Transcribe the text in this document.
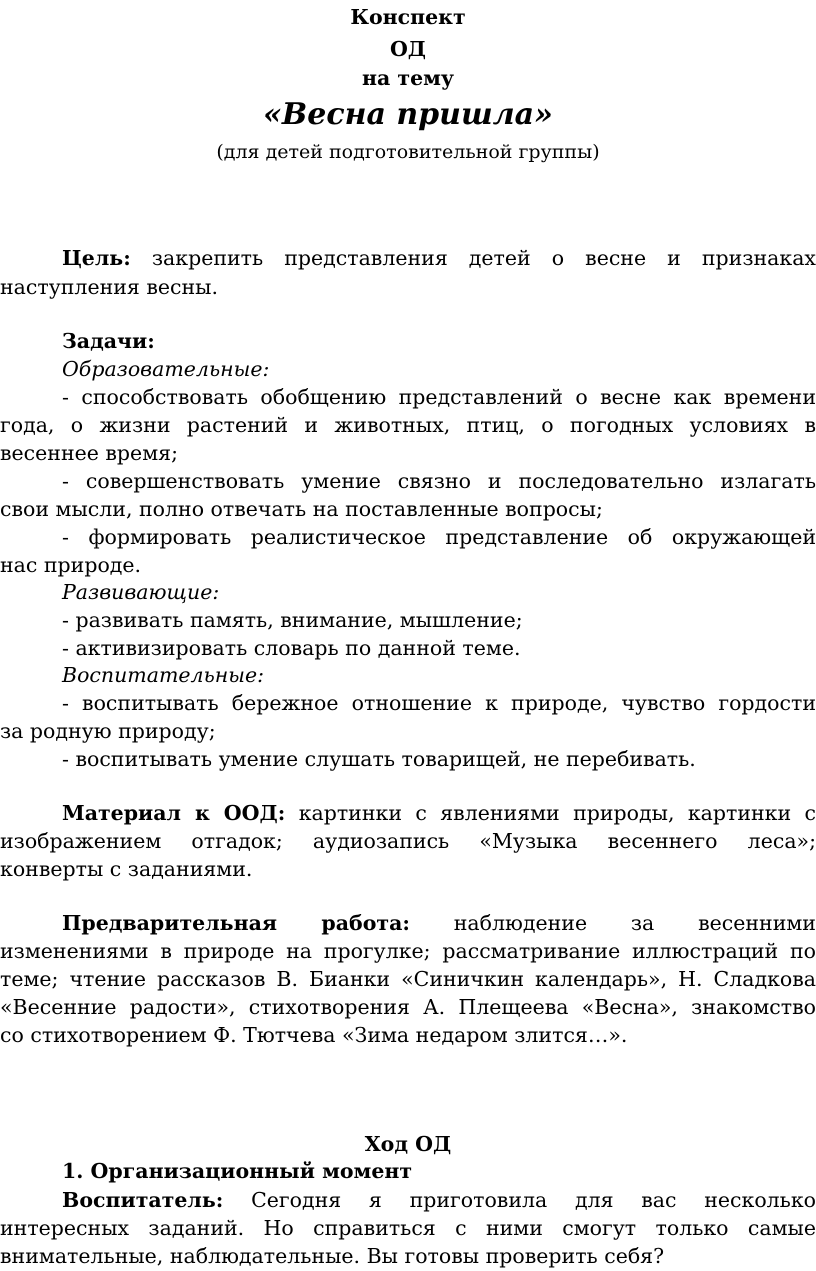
Конспект
ОД
на тему
«Весна пришла»
(для детей подготовительной группы)
Цель: закрепить представления детей о весне и признаках
наступления весны.
Задачи:
Образовательные:
- способствовать обобщению представлений о весне как времени
года, о жизни растений и животных, птиц, о погодных условиях в
весеннее время;
- совершенствовать умение связно и последовательно излагать
свои мысли, полно отвечать на поставленные вопросы;
- формировать реалистическое представление об окружающей
нас природе.
Развивающие:
- развивать память, внимание, мышление;
- активизировать словарь по данной теме.
Воспитательные:
- воспитывать бережное отношение к природе, чувство гордости
за родную природу;
- воспитывать умение слушать товарищей, не перебивать.
Материал к ООД: картинки с явлениями природы, картинки с
изображением отгадок; аудиозапись «Музыка весеннего леса»;
конверты с заданиями.
Предварительная работа: наблюдение за весенними
изменениями в природе на прогулке; рассматривание иллюстраций по
теме; чтение рассказов В. Бианки «Синичкин календарь», Н. Сладкова
«Весенние радости», стихотворения А. Плещеева «Весна», знакомство
со стихотворением Ф. Тютчева «Зима недаром злится…».
Ход ОД
1. Организационный момент
Воспитатель: Сегодня я приготовила для вас несколько
интересных заданий. Но справиться с ними смогут только самые
внимательные, наблюдательные. Вы готовы проверить себя?
